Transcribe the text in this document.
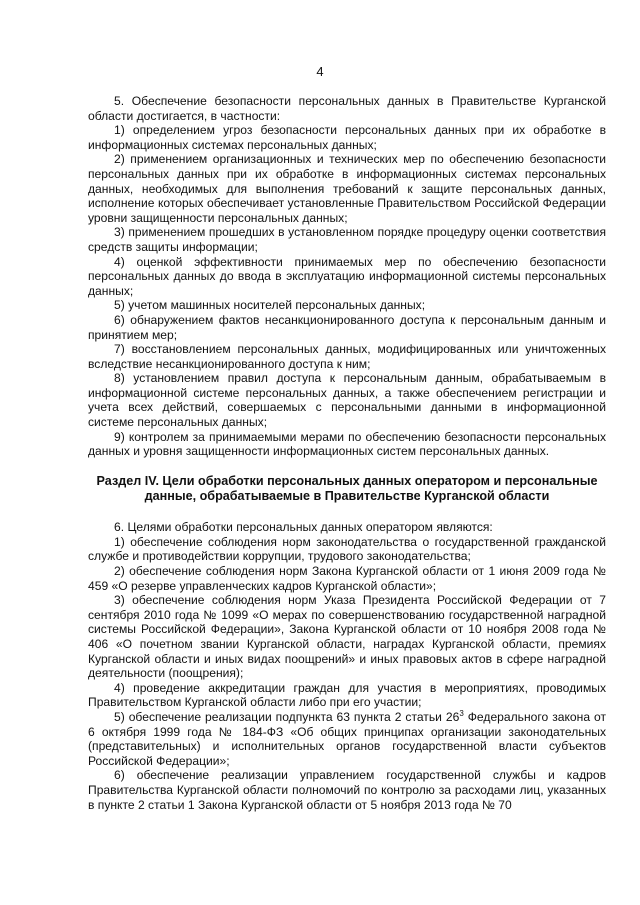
4

5. Обеспечение безопасности персональных данных в Правительстве Курганской области достигается, в частности:

1) определением угроз безопасности персональных данных при их обработке в информационных системах персональных данных;

2) применением организационных и технических мер по обеспечению безопасности персональных данных при их обработке в информационных системах персональных данных, необходимых для выполнения требований к защите персональных данных, исполнение которых обеспечивает установленные Правительством Российской Федерации уровни защищенности персональных данных;

3) применением прошедших в установленном порядке процедуру оценки соответствия средств защиты информации;

4) оценкой эффективности принимаемых мер по обеспечению безопасности персональных данных до ввода в эксплуатацию информационной системы персональных данных;

5) учетом машинных носителей персональных данных;

6) обнаружением фактов несанкционированного доступа к персональным данным и принятием мер;

7) восстановлением персональных данных, модифицированных или уничтоженных вследствие несанкционированного доступа к ним;

8) установлением правил доступа к персональным данным, обрабатываемым в информационной системе персональных данных, а также обеспечением регистрации и учета всех действий, совершаемых с персональными данными в информационной системе персональных данных;

9) контролем за принимаемыми мерами по обеспечению безопасности персональных данных и уровня защищенности информационных систем персональных данных.

Раздел IV. Цели обработки персональных данных оператором и персональные данные, обрабатываемые в Правительстве Курганской области

6. Целями обработки персональных данных оператором являются:

1) обеспечение соблюдения норм законодательства о государственной гражданской службе и противодействии коррупции, трудового законодательства;

2) обеспечение соблюдения норм Закона Курганской области от 1 июня 2009 года № 459 «О резерве управленческих кадров Курганской области»;

3) обеспечение соблюдения норм Указа Президента Российской Федерации от 7 сентября 2010 года № 1099 «О мерах по совершенствованию государственной наградной системы Российской Федерации», Закона Курганской области от 10 ноября 2008 года № 406 «О почетном звании Курганской области, наградах Курганской области, премиях Курганской области и иных видах поощрений» и иных правовых актов в сфере наградной деятельности (поощрения);

4) проведение аккредитации граждан для участия в мероприятиях, проводимых Правительством Курганской области либо при его участии;

5) обеспечение реализации подпункта 63 пункта 2 статьи $26^3$ Федерального закона от 6 октября 1999 года № 184-ФЗ «Об общих принципах организации законодательных (представительных) и исполнительных органов государственной власти субъектов Российской Федерации»;

6) обеспечение реализации управлением государственной службы и кадров Правительства Курганской области полномочий по контролю за расходами лиц, указанных в пункте 2 статьи 1 Закона Курганской области от 5 ноября 2013 года № 70
